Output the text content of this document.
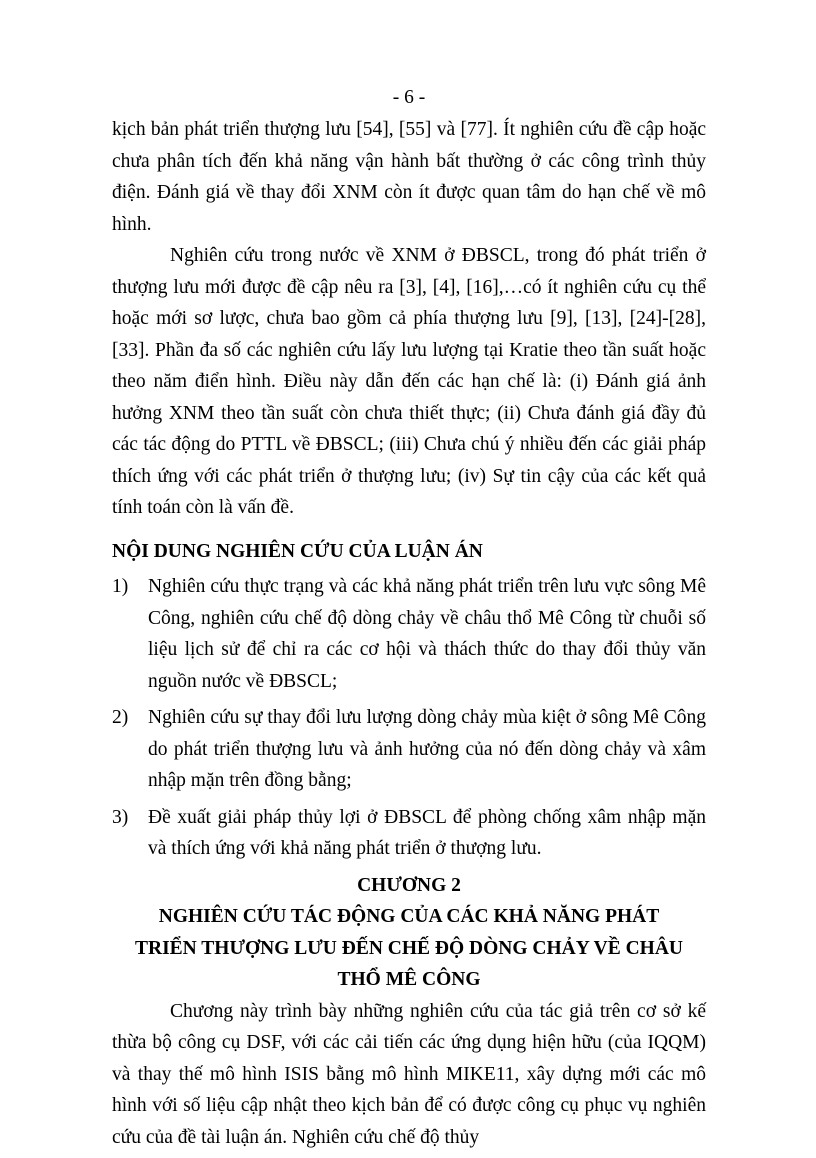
- 6 -

kịch bản phát triển thượng lưu [54], [55] và [77]. Ít nghiên cứu đề cập hoặc chưa phân tích đến khả năng vận hành bất thường ở các công trình thủy điện. Đánh giá về thay đổi XNM còn ít được quan tâm do hạn chế về mô hình.

Nghiên cứu trong nước về XNM ở ĐBSCL, trong đó phát triển ở thượng lưu mới được đề cập nêu ra [3], [4], [16],…có ít nghiên cứu cụ thể hoặc mới sơ lược, chưa bao gồm cả phía thượng lưu [9], [13], [24]-[28], [33]. Phần đa số các nghiên cứu lấy lưu lượng tại Kratie theo tần suất hoặc theo năm điển hình. Điều này dẫn đến các hạn chế là: (i) Đánh giá ảnh hưởng XNM theo tần suất còn chưa thiết thực; (ii) Chưa đánh giá đầy đủ các tác động do PTTL về ĐBSCL; (iii) Chưa chú ý nhiều đến các giải pháp thích ứng với các phát triển ở thượng lưu; (iv) Sự tin cậy của các kết quả tính toán còn là vấn đề.

NỘI DUNG NGHIÊN CỨU CỦA LUẬN ÁN
1) Nghiên cứu thực trạng và các khả năng phát triển trên lưu vực sông Mê Công, nghiên cứu chế độ dòng chảy về châu thổ Mê Công từ chuỗi số liệu lịch sử để chỉ ra các cơ hội và thách thức do thay đổi thủy văn nguồn nước về ĐBSCL;
2) Nghiên cứu sự thay đổi lưu lượng dòng chảy mùa kiệt ở sông Mê Công do phát triển thượng lưu và ảnh hưởng của nó đến dòng chảy và xâm nhập mặn trên đồng bằng;
3) Đề xuất giải pháp thủy lợi ở ĐBSCL để phòng chống xâm nhập mặn và thích ứng với khả năng phát triển ở thượng lưu.
CHƯƠNG 2
NGHIÊN CỨU TÁC ĐỘNG CỦA CÁC KHẢ NĂNG PHÁT TRIỂN THƯỢNG LƯU ĐẾN CHẾ ĐỘ DÒNG CHẢY VỀ CHÂU THỔ MÊ CÔNG

Chương này trình bày những nghiên cứu của tác giả trên cơ sở kế thừa bộ công cụ DSF, với các cải tiến các ứng dụng hiện hữu (của IQQM) và thay thế mô hình ISIS bằng mô hình MIKE11, xây dựng mới các mô hình với số liệu cập nhật theo kịch bản để có được công cụ phục vụ nghiên cứu của đề tài luận án. Nghiên cứu chế độ thủy
